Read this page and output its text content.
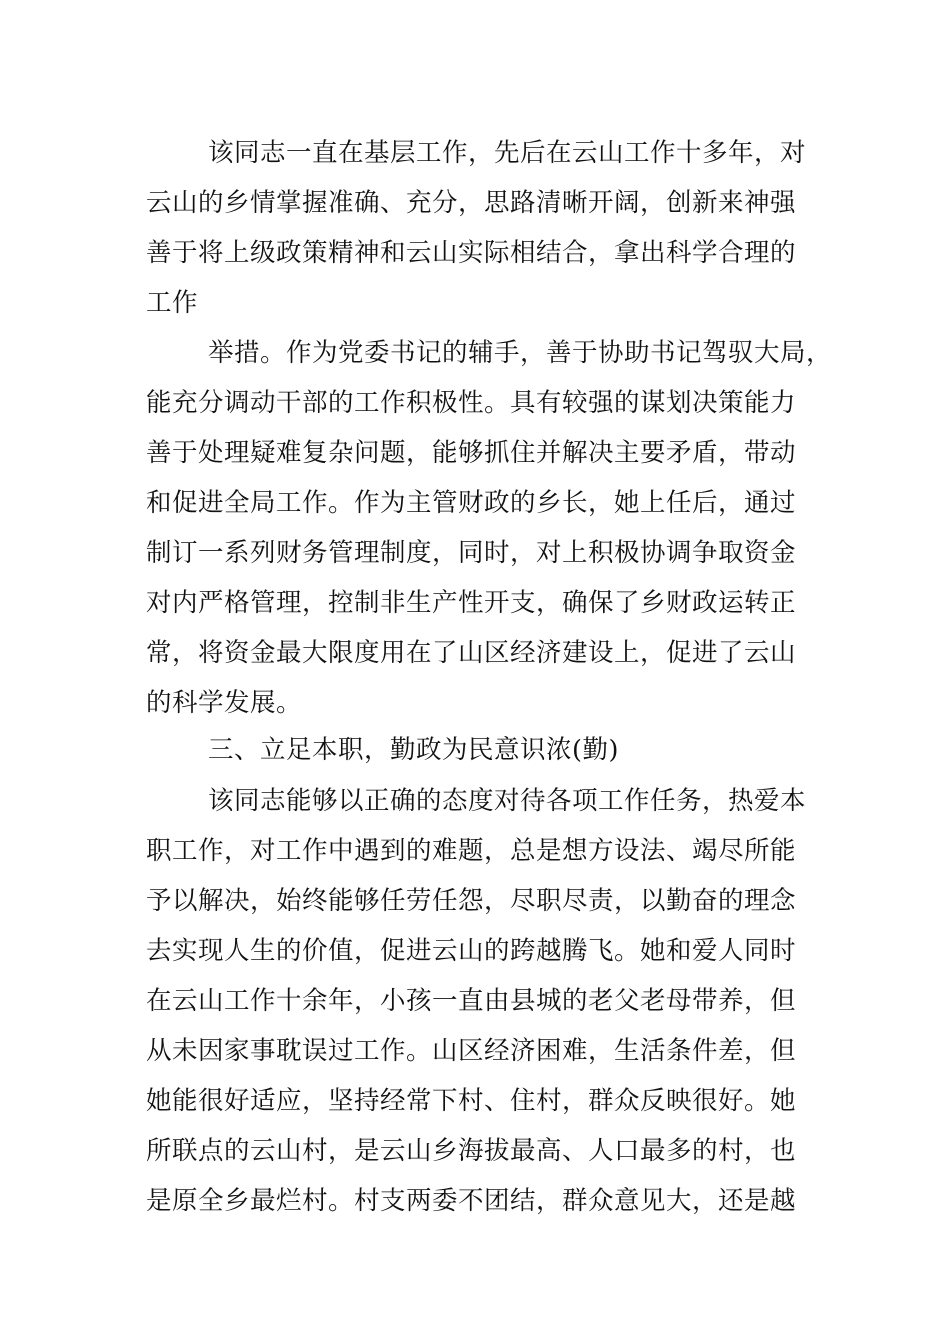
该同志一直在基层工作，先后在云山工作十多年，对
云山的乡情掌握准确、充分，思路清晰开阔，创新来神强
善于将上级政策精神和云山实际相结合，拿出科学合理的
工作
举措。作为党委书记的辅手，善于协助书记驾驭大局，
能充分调动干部的工作积极性。具有较强的谋划决策能力
善于处理疑难复杂问题，能够抓住并解决主要矛盾，带动
和促进全局工作。作为主管财政的乡长，她上任后，通过
制订一系列财务管理制度，同时，对上积极协调争取资金
对内严格管理，控制非生产性开支，确保了乡财政运转正
常，将资金最大限度用在了山区经济建设上，促进了云山
的科学发展。
三、立足本职，勤政为民意识浓(勤)
该同志能够以正确的态度对待各项工作任务，热爱本
职工作，对工作中遇到的难题，总是想方设法、竭尽所能
予以解决，始终能够任劳任怨，尽职尽责，以勤奋的理念
去实现人生的价值，促进云山的跨越腾飞。她和爱人同时
在云山工作十余年，小孩一直由县城的老父老母带养，但
从未因家事耽误过工作。山区经济困难，生活条件差，但
她能很好适应，坚持经常下村、住村，群众反映很好。她
所联点的云山村，是云山乡海拔最高、人口最多的村，也
是原全乡最烂村。村支两委不团结，群众意见大，还是越
